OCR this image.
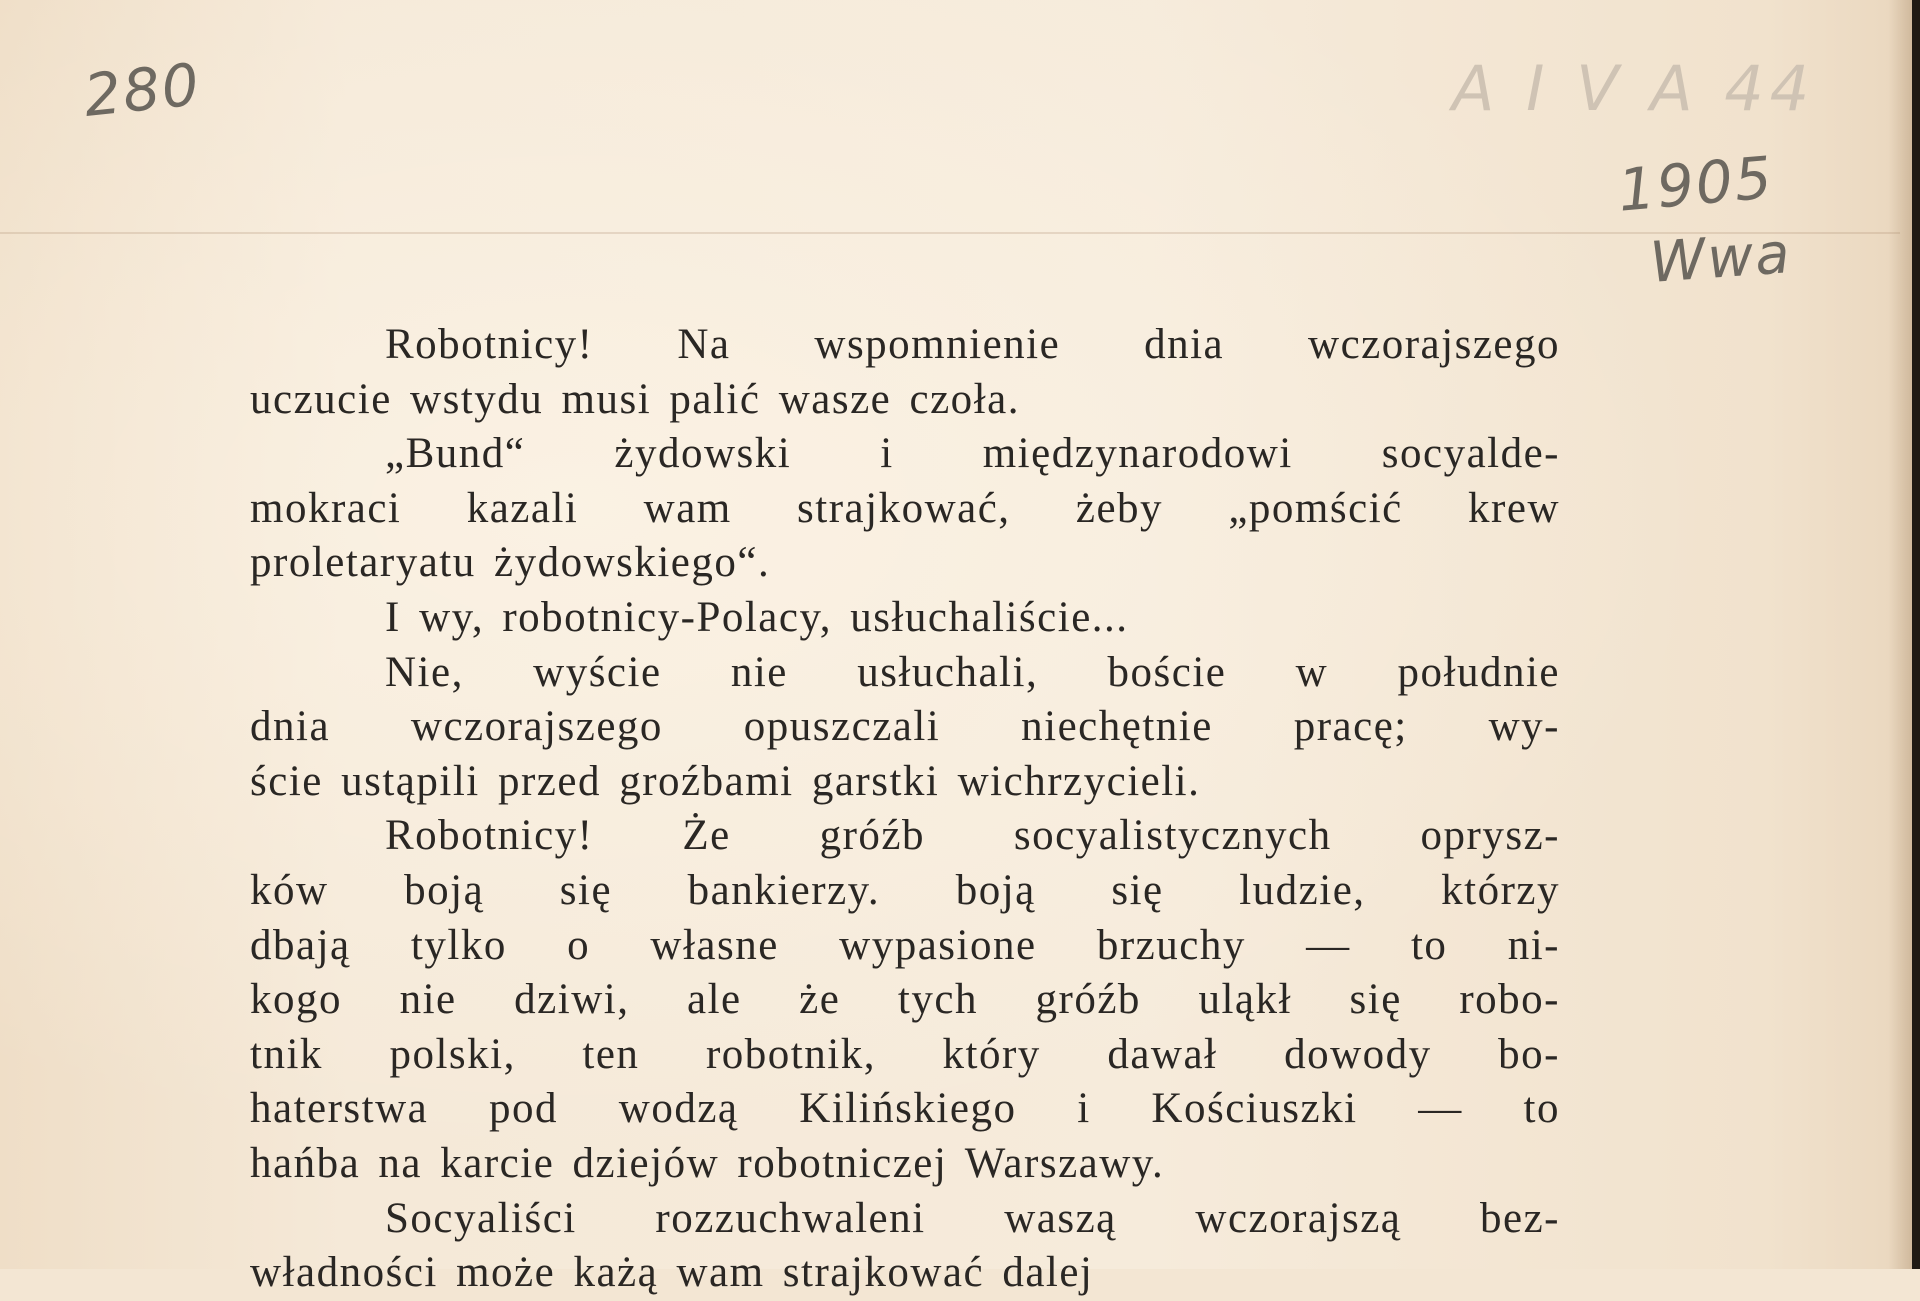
280	A I V A 44
1905
Wwa
Robotnicy! Na wspomnienie dnia wczorajszego
uczucie wstydu musi palić wasze czoła.
„Bund“ żydowski i międzynarodowi socyalde-
mokraci kazali wam strajkować, żeby „pomścić krew
proletaryatu żydowskiego“.
I wy, robotnicy-Polacy, usłuchaliście...
Nie, wyście nie usłuchali, boście w południe
dnia wczorajszego opuszczali niechętnie pracę; wy-
ście ustąpili przed groźbami garstki wichrzycieli.
Robotnicy! Że gróźb socyalistycznych oprysz-
ków boją się bankierzy. boją się ludzie, którzy
dbają tylko o własne wypasione brzuchy — to ni-
kogo nie dziwi, ale że tych gróźb uląkł się robo-
tnik polski, ten robotnik, który dawał dowody bo-
haterstwa pod wodzą Kilińskiego i Kościuszki — to
hańba na karcie dziejów robotniczej Warszawy.
Socyaliści rozzuchwaleni waszą wczorajszą bez-
władności może każą wam strajkować dalej
